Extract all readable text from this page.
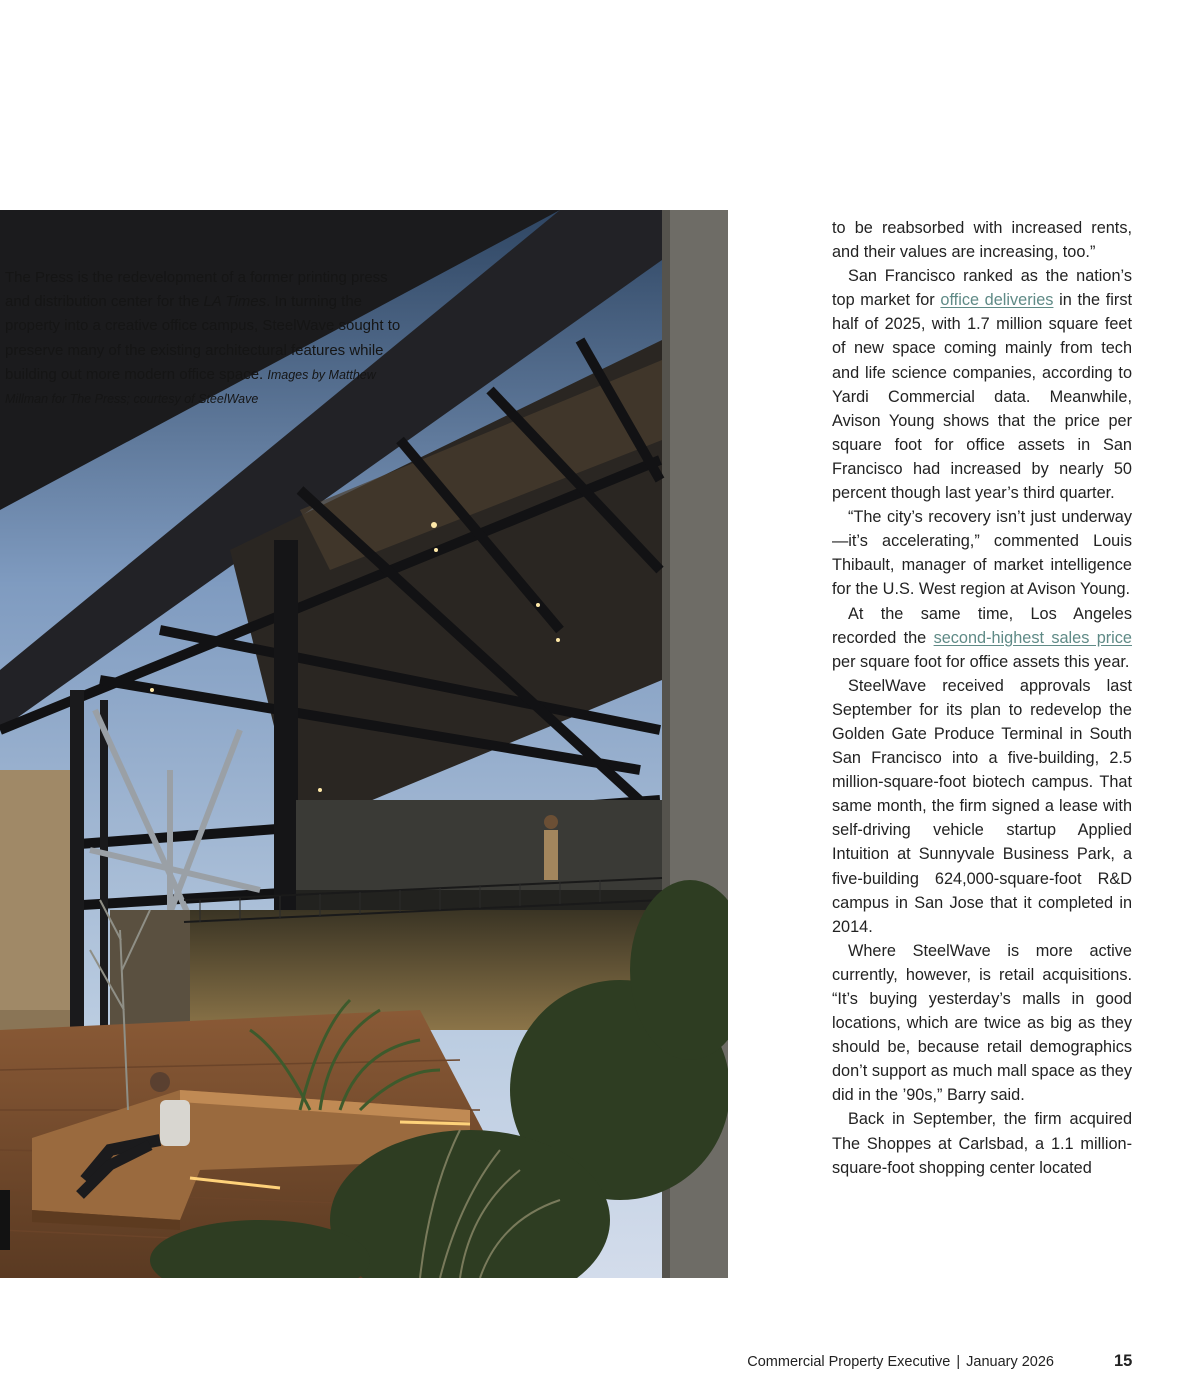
The Press is the redevelopment of a former printing press and distribution center for the LA Times. In turning the property into a creative office campus, SteelWave sought to preserve many of the existing architectural features while building out more modern office space. Images by Matthew Millman for The Press; courtesy of SteelWave

to be reabsorbed with increased rents, and their values are increasing, too.”

San Francisco ranked as the nation’s top market for office deliveries in the first half of 2025, with 1.7 million square feet of new space coming mainly from tech and life science companies, according to Yardi Commercial data. Meanwhile, Avison Young shows that the price per square foot for office assets in San Francisco had increased by nearly 50 percent though last year’s third quarter.

“The city’s recovery isn’t just underway—it’s accelerating,” commented Louis Thibault, manager of market intelligence for the U.S. West region at Avison Young.

At the same time, Los Angeles recorded the second-highest sales price per square foot for office assets this year.

SteelWave received approvals last September for its plan to redevelop the Golden Gate Produce Terminal in South San Francisco into a five-building, 2.5 million-square-foot biotech campus. That same month, the firm signed a lease with self-driving vehicle startup Applied Intuition at Sunnyvale Business Park, a five-building 624,000-square-foot R&D campus in San Jose that it completed in 2014.

Where SteelWave is more active currently, however, is retail acquisitions. “It’s buying yesterday’s malls in good locations, which are twice as big as they should be, because retail demographics don’t support as much mall space as they did in the ’90s,” Barry said.

Back in September, the firm acquired The Shoppes at Carlsbad, a 1.1 million-square-foot shopping center located

Commercial Property Executive | January 2026	15
